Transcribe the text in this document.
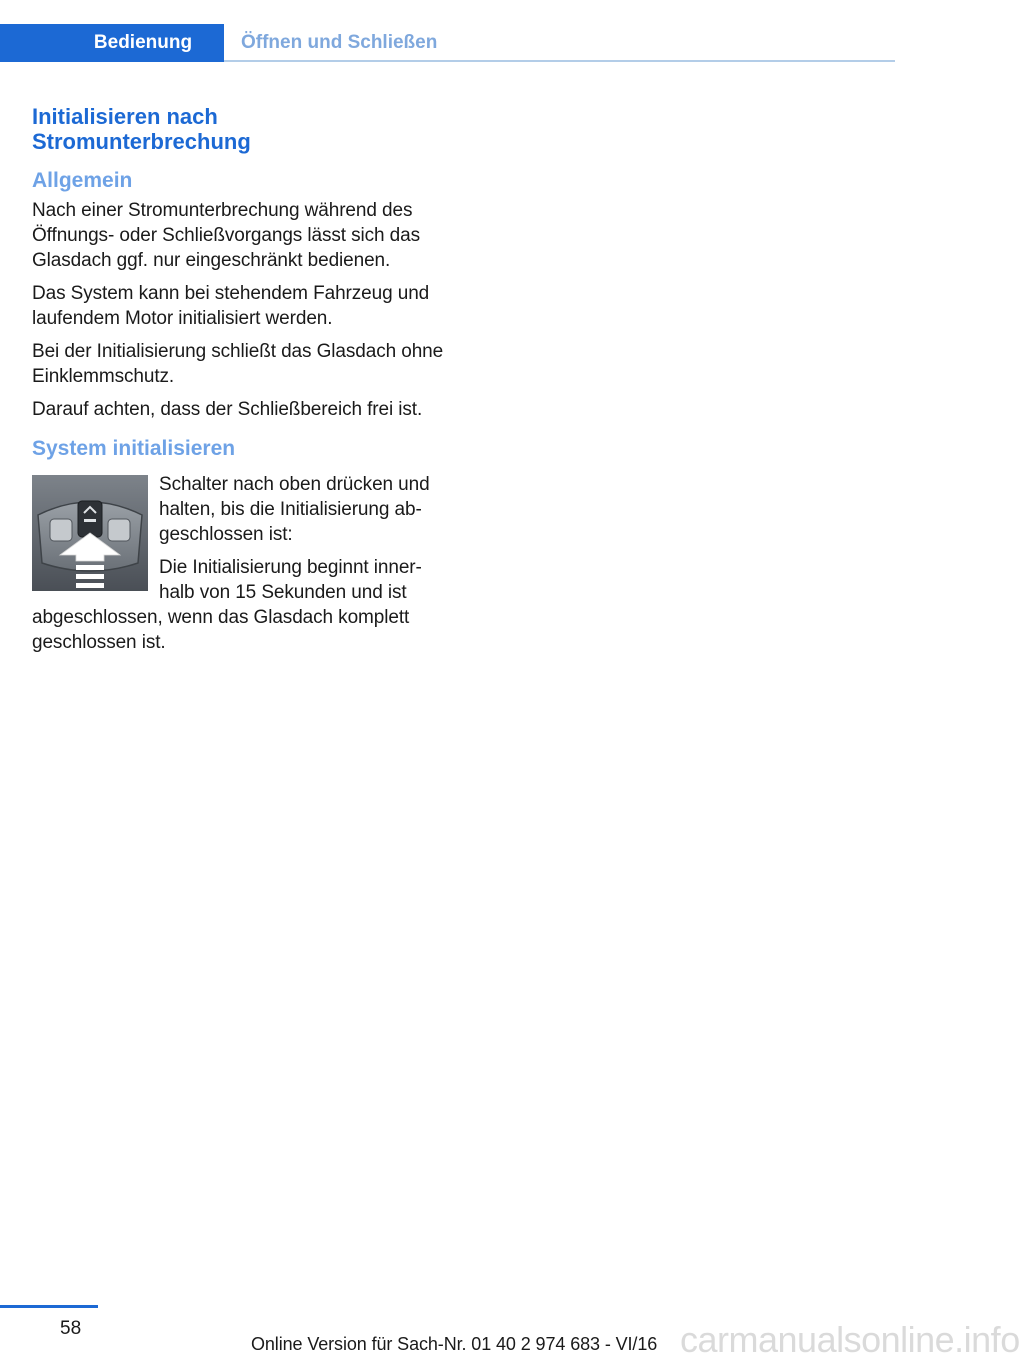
Bedienung	Öffnen und Schließen
Initialisieren nach
Stromunterbrechung
Allgemein

Nach einer Stromunterbrechung während des Öffnungs- oder Schließvorgangs lässt sich das Glasdach ggf. nur eingeschränkt bedienen.

Das System kann bei stehendem Fahrzeug und laufendem Motor initialisiert werden.

Bei der Initialisierung schließt das Glasdach ohne Einklemmschutz.

Darauf achten, dass der Schließbereich frei ist.

System initialisieren

Schalter nach oben drücken und halten, bis die Initialisierung abgeschlossen ist:

Die Initialisierung beginnt innerhalb von 15 Sekunden und ist abgeschlossen, wenn das Glasdach komplett geschlossen ist.

58
Online Version für Sach-Nr. 01 40 2 974 683 - VI/16 carmanualsonline.info
